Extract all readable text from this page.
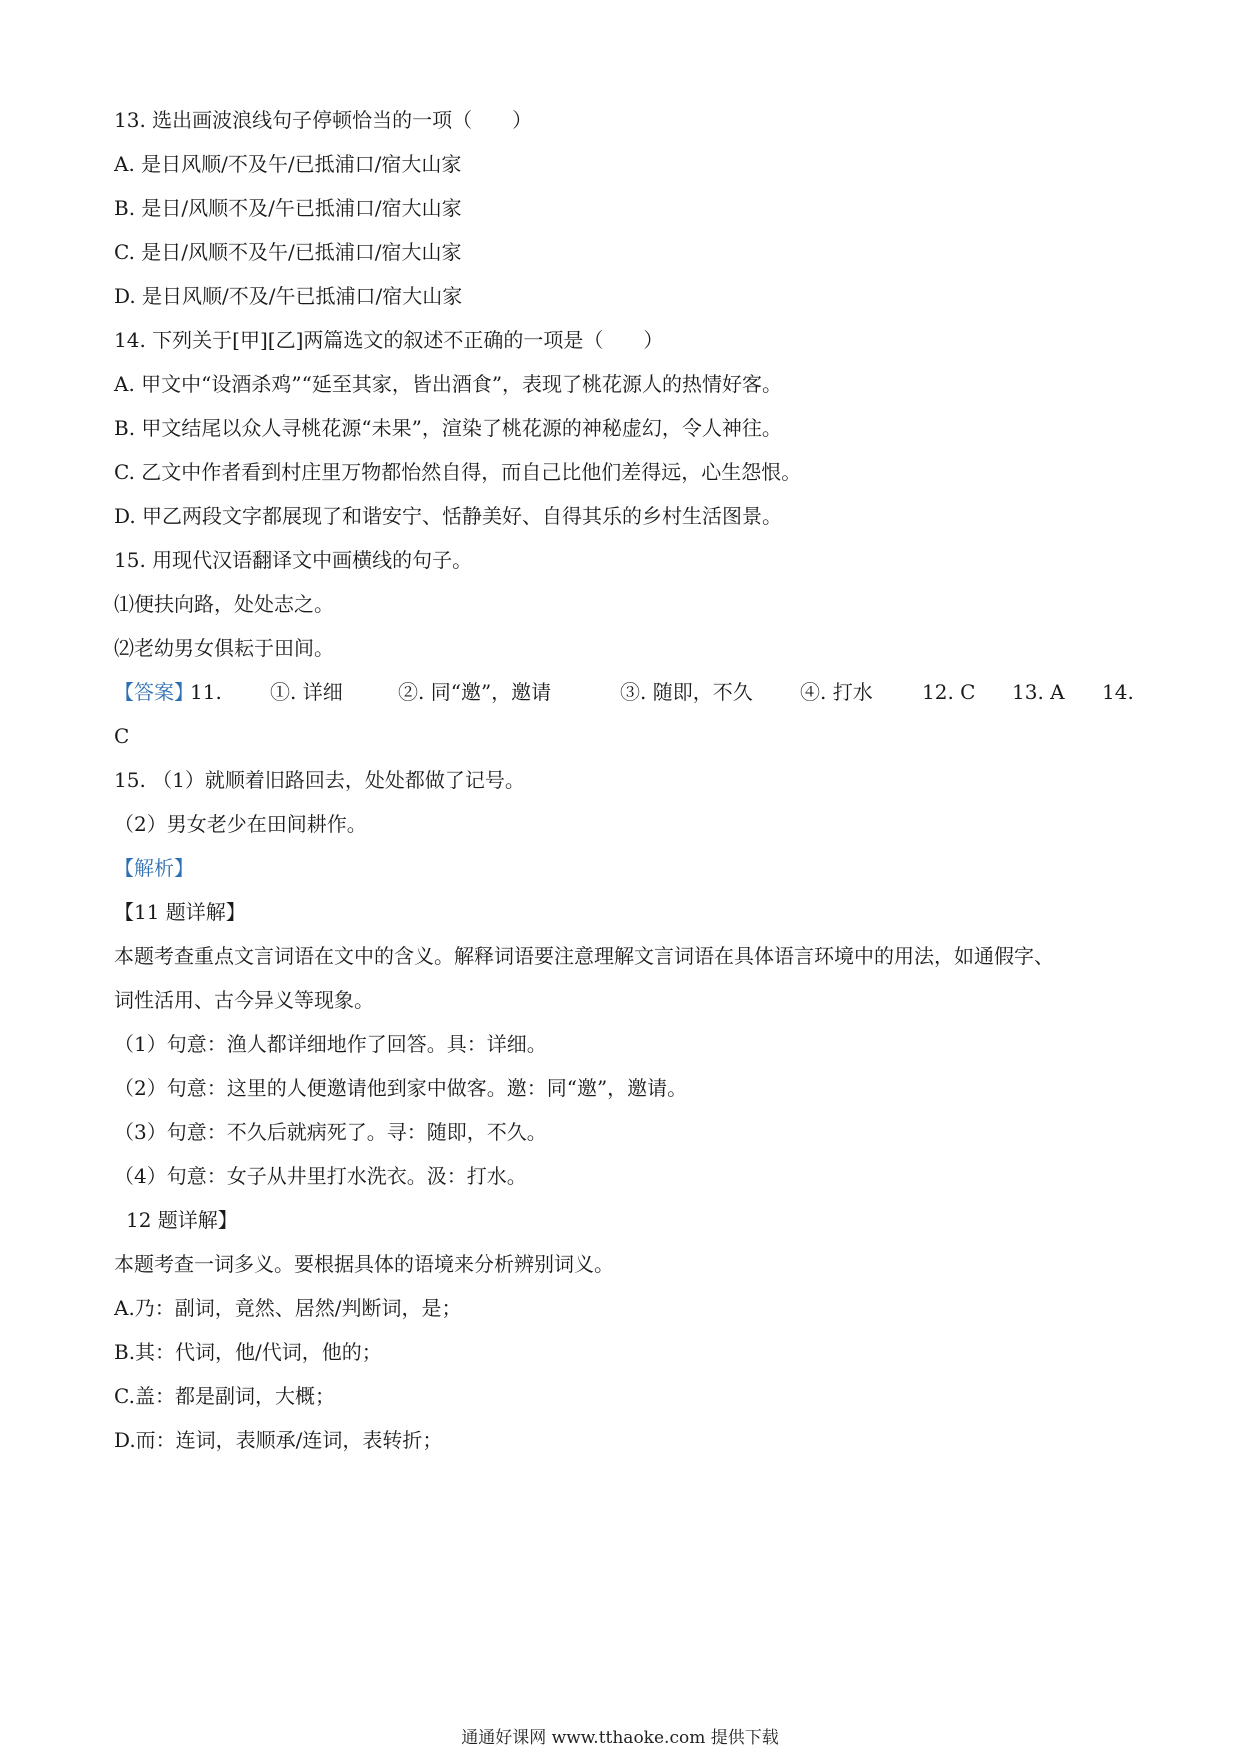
13. 选出画波浪线句子停顿恰当的一项（　　）
A. 是日风顺/不及午/已抵浦口/宿大山家
B. 是日/风顺不及/午已抵浦口/宿大山家
C. 是日/风顺不及午/已抵浦口/宿大山家
D. 是日风顺/不及/午已抵浦口/宿大山家
14. 下列关于[甲][乙]两篇选文的叙述不正确的一项是（　　）
A. 甲文中“设酒杀鸡”“延至其家，皆出酒食”，表现了桃花源人的热情好客。
B. 甲文结尾以众人寻桃花源“未果”，渲染了桃花源的神秘虚幻，令人神往。
C. 乙文中作者看到村庄里万物都怡然自得，而自己比他们差得远，心生怨恨。
D. 甲乙两段文字都展现了和谐安宁、恬静美好、自得其乐的乡村生活图景。
15. 用现代汉语翻译文中画横线的句子。
⑴便扶向路，处处志之。
⑵老幼男女俱耘于田间。
【答案】
11. ①. 详细	②. 同“邀”，邀请	③. 随即，不久 ④. 打水 12. C 13. A 14.
C
15. （1）就顺着旧路回去，处处都做了记号。
（2）男女老少在田间耕作。
【解析】
【11 题详解】
本题考查重点文言词语在文中的含义。解释词语要注意理解文言词语在具体语言环境中的用法，如通假字、
词性活用、古今异义等现象。
（1）句意：渔人都详细地作了回答。具：详细。
（2）句意：这里的人便邀请他到家中做客。邀：同“邀”，邀请。
（3）句意：不久后就病死了。寻：随即，不久。
（4）句意：女子从井里打水洗衣。汲：打水。
12 题详解】
本题考查一词多义。要根据具体的语境来分析辨别词义。
A.乃：副词，竟然、居然/判断词，是；
B.其：代词，他/代词，他的；
C.盖：都是副词，大概；
D.而：连词，表顺承/连词，表转折；
通通好课网 www.tthaoke.com 提供下载
